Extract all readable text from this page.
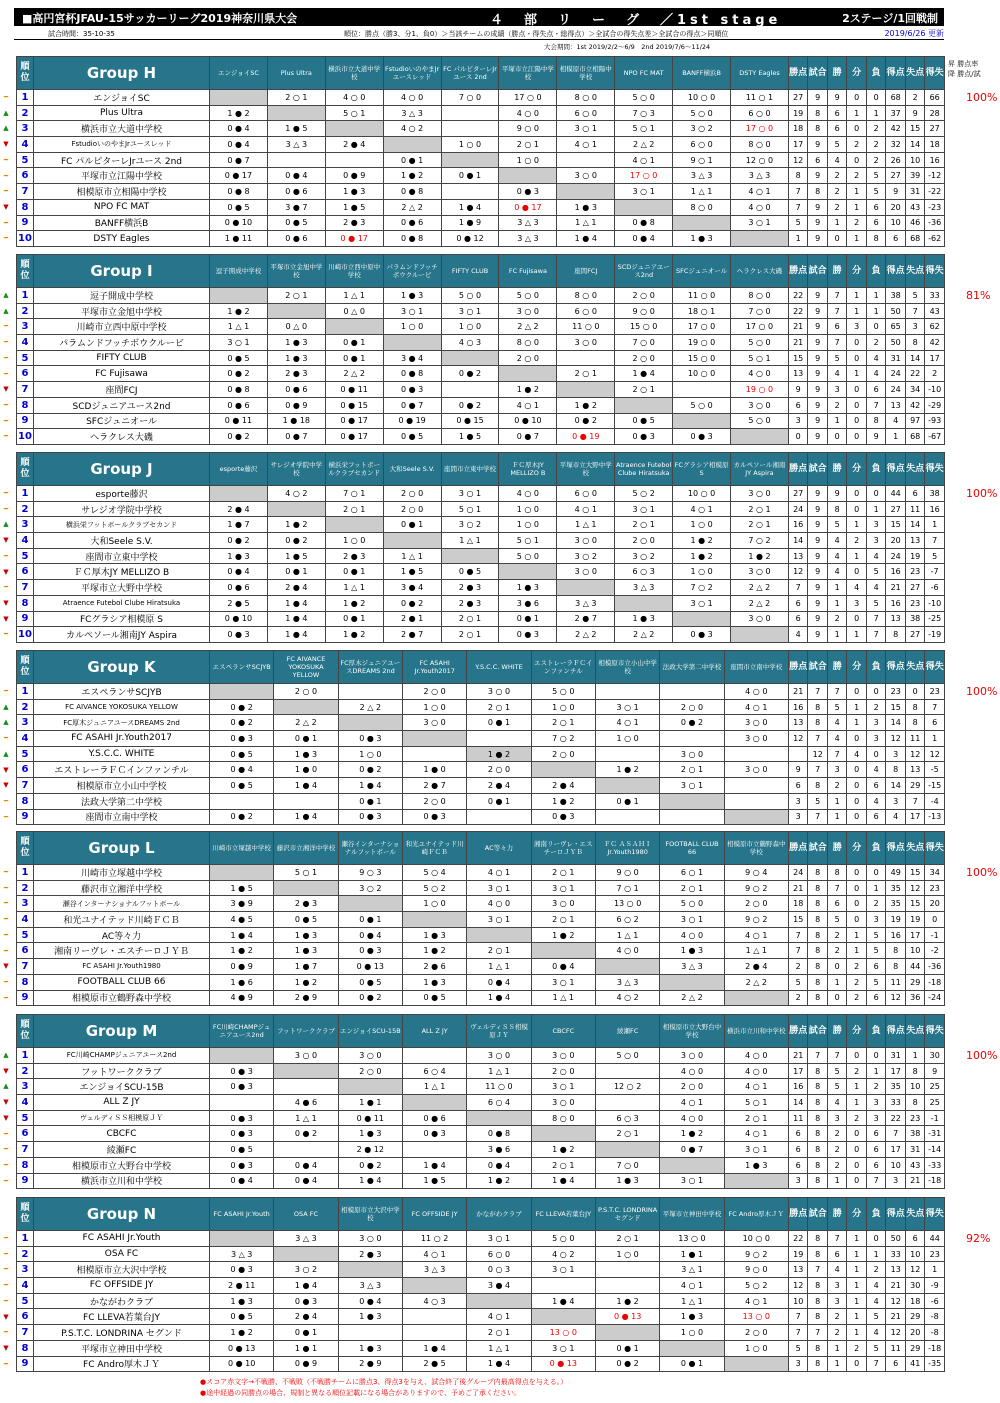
■高円宮杯JFAU-15サッカーリーグ2019神奈川県大会	４　部　リ　ー　グ　／1st stage	2ステージ/1回戦制
試合時間：35-10-35	順位：勝点（勝3、分1、負0）＞当該チームの成績（勝点・得失点・総得点）＞全試合の得失点差＞全試合の得点＞同順位	2019/6/26 更新
大会期間：1st 2019/2/2～6/9　2nd 2019/7/6～11/24
昇 勝点率
降 勝点/試
━
▲
▲
▼
━
━
━
▼
━
━
順位	Group H	エンジョイSC	Plus Ultra	横浜市立大道中学校	FstudioいのやまJrユースレッド	FC パルピターレJrユース 2nd	平塚市立江陽中学校	相模原市立相陽中学校	NPO FC MAT	BANFF横浜B	DSTY Eagles	勝点	試合	勝	分	負	得点	失点	得失
1	エンジョイSC		2 ○ 1	4 ○ 0	4 ○ 0	7 ○ 0	17 ○ 0	8 ○ 0	5 ○ 0	10 ○ 0	11 ○ 1	27	9	9	0	0	68	2	66
2	Plus Ultra	1 ● 2		5 ○ 1	3 △ 3		4 ○ 0	6 ○ 0	7 ○ 3	5 ○ 0	6 ○ 0	19	8	6	1	1	37	9	28
3	横浜市立大道中学校	0 ● 4	1 ● 5		4 ○ 2		9 ○ 0	3 ○ 1	5 ○ 1	3 ○ 2	17 ○ 0	18	8	6	0	2	42	15	27
4	FstudioいのやまJrユースレッド	0 ● 4	3 △ 3	2 ● 4		1 ○ 0	2 ○ 1	4 ○ 1	2 △ 2	6 ○ 0	8 ○ 0	17	9	5	2	2	32	14	18
5	FC パルピターレJrユース 2nd	0 ● 7			0 ● 1		1 ○ 0		4 ○ 1	9 ○ 1	12 ○ 0	12	6	4	0	2	26	10	16
6	平塚市立江陽中学校	0 ● 17	0 ● 4	0 ● 9	1 ● 2	0 ● 1		3 ○ 0	17 ○ 0	3 △ 3	3 △ 3	8	9	2	2	5	27	39	-12
7	相模原市立相陽中学校	0 ● 8	0 ● 6	1 ● 3	0 ● 8		0 ● 3		3 ○ 1	1 △ 1	4 ○ 1	7	8	2	1	5	9	31	-22
8	NPO FC MAT	0 ● 5	3 ● 7	1 ● 5	2 △ 2	1 ● 4	0 ● 17	1 ● 3		8 ○ 0	4 ○ 0	7	9	2	1	6	20	43	-23
9	BANFF横浜B	0 ● 10	0 ● 5	2 ● 3	0 ● 6	1 ● 9	3 △ 3	1 △ 1	0 ● 8		3 ○ 1	5	9	1	2	6	10	46	-36
10	DSTY Eagles	1 ● 11	0 ● 6	0 ● 17	0 ● 8	0 ● 12	3 △ 3	1 ● 4	0 ● 4	1 ● 3		1	9	0	1	8	6	68	-62
100%
▲
▲
━
━
━
━
▼
━
━
━
順位	Group I	逗子開成中学校	平塚市立金旭中学校	川崎市立西中原中学校	パラムンドフッチボウクルービ	FIFTY CLUB	FC Fujisawa	座間FCJ	SCDジュニアユース2nd	SFCジュニオール	ヘラクレス大磯	勝点	試合	勝	分	負	得点	失点	得失
1	逗子開成中学校		2 ○ 1	1 △ 1	1 ● 3	5 ○ 0	5 ○ 0	8 ○ 0	2 ○ 0	11 ○ 0	8 ○ 0	22	9	7	1	1	38	5	33
2	平塚市立金旭中学校	1 ● 2		0 △ 0	3 ○ 1	3 ○ 1	3 ○ 0	6 ○ 0	9 ○ 0	18 ○ 1	7 ○ 0	22	9	7	1	1	50	7	43
3	川崎市立西中原中学校	1 △ 1	0 △ 0		1 ○ 0	1 ○ 0	2 △ 2	11 ○ 0	15 ○ 0	17 ○ 0	17 ○ 0	21	9	6	3	0	65	3	62
4	パラムンドフッチボウクルービ	3 ○ 1	1 ● 3	0 ● 1		4 ○ 3	8 ○ 0	3 ○ 0	7 ○ 0	19 ○ 0	5 ○ 0	21	9	7	0	2	50	8	42
5	FIFTY CLUB	0 ● 5	1 ● 3	0 ● 1	3 ● 4		2 ○ 0		2 ○ 0	15 ○ 0	5 ○ 1	15	9	5	0	4	31	14	17
6	FC Fujisawa	0 ● 2	2 ● 3	2 △ 2	0 ● 8	0 ● 2		2 ○ 1	1 ● 4	10 ○ 0	4 ○ 0	13	9	4	1	4	24	22	2
7	座間FCJ	0 ● 8	0 ● 6	0 ● 11	0 ● 3		1 ● 2		2 ○ 1		19 ○ 0	9	9	3	0	6	24	34	-10
8	SCDジュニアユース2nd	0 ● 6	0 ● 9	0 ● 15	0 ● 7	0 ● 2	4 ○ 1	1 ● 2		5 ○ 0	3 ○ 0	6	9	2	0	7	13	42	-29
9	SFCジュニオール	0 ● 11	1 ● 18	0 ● 17	0 ● 19	0 ● 15	0 ● 10	0 ● 2	0 ● 5		5 ○ 0	3	9	1	0	8	4	97	-93
10	ヘラクレス大磯	0 ● 2	0 ● 7	0 ● 17	0 ● 5	1 ● 5	0 ● 7	0 ● 19	0 ● 3	0 ● 3		0	9	0	0	9	1	68	-67
81%
━
━
▲
▼
━
▼
━
▼
▼
━
順位	Group J	esporte藤沢	サレジオ学院中学校	横浜栄フットボールクラブセカンド	大和Seele S.V.	座間市立東中学校	ＦＣ厚木JY MELLIZO B	平塚市立大野中学校	Atraence Futebol Clube Hiratsuka	FCグラシア相模原 S	カルペソール湘南JY Aspira	勝点	試合	勝	分	負	得点	失点	得失
1	esporte藤沢		4 ○ 2	7 ○ 1	2 ○ 0	3 ○ 1	4 ○ 0	6 ○ 0	5 ○ 2	10 ○ 0	3 ○ 0	27	9	9	0	0	44	6	38
2	サレジオ学院中学校	2 ● 4		2 ○ 1	2 ○ 0	5 ○ 1	1 ○ 0	4 ○ 1	3 ○ 1	4 ○ 1	2 ○ 1	24	9	8	0	1	27	11	16
3	横浜栄フットボールクラブセカンド	1 ● 7	1 ● 2		0 ● 1	3 ○ 2	1 ○ 0	1 △ 1	2 ○ 1	1 ○ 0	2 ○ 1	16	9	5	1	3	15	14	1
4	大和Seele S.V.	0 ● 2	0 ● 2	1 ○ 0		1 △ 1	5 ○ 1	3 ○ 0	2 ○ 0	1 ● 2	7 ○ 2	14	9	4	2	3	20	13	7
5	座間市立東中学校	1 ● 3	1 ● 5	2 ● 3	1 △ 1		5 ○ 0	3 ○ 2	3 ○ 2	1 ● 2	1 ● 2	13	9	4	1	4	24	19	5
6	ＦＣ厚木JY MELLIZO B	0 ● 4	0 ● 1	0 ● 1	1 ● 5	0 ● 5		3 ○ 0	6 ○ 3	1 ○ 0	3 ○ 0	12	9	4	0	5	16	23	-7
7	平塚市立大野中学校	0 ● 6	2 ● 4	1 △ 1	3 ● 4	2 ● 3	1 ● 3		3 △ 3	7 ○ 2	2 △ 2	7	9	1	4	4	21	27	-6
8	Atraence Futebol Clube Hiratsuka	2 ● 5	1 ● 4	1 ● 2	0 ● 2	2 ● 3	3 ● 6	3 △ 3		3 ○ 1	2 △ 2	6	9	1	3	5	16	23	-10
9	FCグラシア相模原 S	0 ● 10	1 ● 4	0 ● 1	2 ● 1	2 ○ 1	0 ● 1	2 ● 7	1 ● 3		3 ○ 0	6	9	2	0	7	13	38	-25
10	カルペソール湘南JY Aspira	0 ● 3	1 ● 4	1 ● 2	2 ● 7	2 ○ 1	0 ● 3	2 △ 2	2 △ 2	0 ● 3		4	9	1	1	7	8	27	-19
100%
━
▲
▲
━
▲
▼
▼
━
━
順位	Group K	エスペランサSCJYB	FC AIVANCE YOKOSUKA YELLOW	FC厚木ジュニアユースDREAMS 2nd	FC ASAHI Jr.Youth2017	Y.S.C.C. WHITE	エストレーラＦＣインファンチル	相模原市立小山中学校	法政大学第二中学校	座間市立南中学校	勝点	試合	勝	分	負	得点	失点	得失	
1	エスペランサSCJYB		2 ○ 0		2 ○ 0	3 ○ 0	5 ○ 0			4 ○ 0	21	7	7	0	0	23	0	23	
2	FC AIVANCE YOKOSUKA YELLOW	0 ● 2		2 △ 2	1 ○ 0	2 ○ 1	1 ○ 0	3 ○ 1	2 ○ 0	4 ○ 1	16	8	5	1	2	15	8	7	
3	FC厚木ジュニアユースDREAMS 2nd	0 ● 2	2 △ 2		3 ○ 0	0 ● 1	2 ○ 1	4 ○ 1	0 ● 2	3 ○ 0	13	8	4	1	3	14	8	6	
4	FC ASAHI Jr.Youth2017	0 ● 3	0 ● 1	0 ● 3			7 ○ 2	1 ○ 0		3 ○ 0	12	7	4	0	3	12	11	1	
5	Y.S.C.C. WHITE	0 ● 5	1 ● 3	1 ○ 0		1 ● 2	2 ○ 0		3 ○ 0			12	7	4	0	3	12	12	
6	エストレーラＦＣインファンチル	0 ● 4	1 ● 0	0 ● 2	1 ● 0	2 ○ 0		1 ● 2	2 ○ 1	3 ○ 0	9	7	3	0	4	8	13	-5	
7	相模原市立小山中学校	0 ● 5	1 ● 4	1 ● 4	2 ● 7	2 ● 4	2 ● 4		3 ○ 1		6	8	2	0	6	14	29	-15	
8	法政大学第二中学校			0 ● 1	2 ○ 0	0 ● 1	1 ● 2	0 ● 1			3	5	1	0	4	3	7	-4	
9	座間市立南中学校	0 ● 2	1 ● 4	0 ● 3	0 ● 3		0 ● 3				3	7	1	0	6	4	17	-13	
100%
━
━
━
━
━
━
▼
━
━
順位	Group L	川崎市立塚越中学校	藤沢市立湘洋中学校	瀬谷インターナショナルフットボール	和光ユナイテッド川崎ＦＣＢ	AC等々力	湘南リーヴレ・エスチーロＪＹＢ	ＦＣ ＡＳＡＨＩ Jr.Youth1980	FOOTBALL CLUB 66	相模原市立鶴野森中学校	勝点	試合	勝	分	負	得点	失点	得失
1	川崎市立塚越中学校		5 ○ 1	9 ○ 3	5 ○ 4	4 ○ 1	2 ○ 1	9 ○ 0	6 ○ 1	9 ○ 4	24	8	8	0	0	49	15	34
2	藤沢市立湘洋中学校	1 ● 5		3 ○ 2	5 ○ 2	3 ○ 1	3 ○ 1	7 ○ 1	2 ○ 1	9 ○ 2	21	8	7	0	1	35	12	23
3	瀬谷インターナショナルフットボール	3 ● 9	2 ● 3		1 ○ 0	4 ○ 0	3 ○ 0	13 ○ 0	5 ○ 0	2 ○ 0	18	8	6	0	2	35	15	20
4	和光ユナイテッド川崎ＦＣＢ	4 ● 5	0 ● 5	0 ● 1		3 ○ 1	2 ○ 1	6 ○ 2	3 ○ 1	9 ○ 2	15	8	5	0	3	19	19	0
5	AC等々力	1 ● 4	1 ● 3	0 ● 4	1 ● 3		1 ● 2	1 △ 1	4 ○ 0	4 ○ 1	7	8	2	1	5	16	17	-1
6	湘南リーヴレ・エスチーロＪＹＢ	1 ● 2	1 ● 3	0 ● 3	1 ● 2	2 ○ 1		4 ○ 0	1 ● 3	1 △ 1	7	8	2	1	5	8	10	-2
7	FC ASAHI Jr.Youth1980	0 ● 9	1 ● 7	0 ● 13	2 ● 6	1 △ 1	0 ● 4		3 △ 3	2 ● 4	2	8	0	2	6	8	44	-36
8	FOOTBALL CLUB 66	1 ● 6	1 ● 2	0 ● 5	1 ● 3	0 ● 4	3 ○ 1	3 △ 3		2 △ 2	5	8	1	2	5	11	29	-18
9	相模原市立鶴野森中学校	4 ● 9	2 ● 9	0 ● 2	0 ● 5	1 ● 4	1 △ 1	4 ○ 2	2 △ 2		2	8	0	2	6	12	36	-24
100%
▲
▼
▲
▼
▼
━
━
━
━
順位	Group M	FC川崎CHAMPジュニアユース2nd	フットワーククラブ	エンジョイSCU-15B	ALL Z JY	ヴェルディＳＳ相模原ＪＹ	CBCFC	綾瀬FC	相模原市立大野台中学校	横浜市立川和中学校	勝点	試合	勝	分	負	得点	失点	得失
1	FC川崎CHAMPジュニアユース2nd		3 ○ 0	3 ○ 0		3 ○ 0	3 ○ 0	5 ○ 0	3 ○ 0	4 ○ 0	21	7	7	0	0	31	1	30
2	フットワーククラブ	0 ● 3		2 ○ 0	6 ○ 4	1 △ 1	2 ○ 0		4 ○ 0	4 ○ 0	17	8	5	2	1	17	8	9
3	エンジョイSCU-15B	0 ● 3			1 △ 1	11 ○ 0	3 ○ 1	12 ○ 2	2 ○ 0	4 ○ 1	16	8	5	1	2	35	10	25
4	ALL Z JY		4 ● 6	1 ● 1		6 ○ 4	3 ○ 0		4 ○ 1	5 ○ 1	14	8	4	1	3	33	8	25
5	ヴェルディＳＳ相模原ＪＹ	0 ● 3	1 △ 1	0 ● 11	0 ● 6		8 ○ 0	6 ○ 3	4 ○ 0	2 ○ 1	11	8	3	2	3	22	23	-1
6	CBCFC	0 ● 3	0 ● 2	1 ● 3	0 ● 3	0 ● 8		2 ○ 1	1 ● 2	4 ○ 1	6	8	2	0	6	7	38	-31
7	綾瀬FC	0 ● 5		2 ● 12		3 ● 6	1 ● 2		0 ● 7	3 ○ 1	6	8	2	0	6	17	31	-14
8	相模原市立大野台中学校	0 ● 3	0 ● 4	0 ● 2	1 ● 4	0 ● 4	2 ○ 1	7 ○ 0		1 ● 3	6	8	2	0	6	10	43	-33
9	横浜市立川和中学校	0 ● 4	0 ● 4	1 ● 4	1 ● 5	1 ● 2	1 ● 4	1 ● 3	3 ○ 1		3	8	1	0	7	3	21	-18
100%
━
━
━
━
━
▼
━
▼
━
順位	Group N	FC ASAHI Jr.Youth	OSA FC	相模原市立大沢中学校	FC OFFSIDE JY	かながわクラブ	FC LLEVA若葉台JY	P.S.T.C. LONDRINA セグンド	平塚市立神田中学校	FC Andro厚木ＪＹ	勝点	試合	勝	分	負	得点	失点	得失
1	FC ASAHI Jr.Youth		3 △ 3	3 ○ 0	11 ○ 2	3 ○ 1	5 ○ 0	2 ○ 1	13 ○ 0	10 ○ 0	22	8	7	1	0	50	6	44
2	OSA FC	3 △ 3		2 ● 3	4 ○ 1	6 ○ 0	4 ○ 2	1 ○ 0	1 ● 1	9 ○ 2	19	8	6	1	1	33	10	23
3	相模原市立大沢中学校	0 ● 3	3 ○ 2		3 △ 3	0 ○ 3	3 ○ 1		3 △ 1	9 ○ 0	13	7	4	1	2	13	12	1
4	FC OFFSIDE JY	2 ● 11	1 ● 4	3 △ 3		3 ● 4			4 ○ 1	5 ○ 2	12	8	3	1	4	21	30	-9
5	かながわクラブ	1 ● 3	0 ● 3	0 ● 4	4 ○ 3		1 ● 4	1 ● 2	1 △ 1	4 ○ 1	10	8	3	1	4	12	18	-6
6	FC LLEVA若葉台JY	0 ● 5	2 ● 4	1 ● 3		4 ○ 1		0 ● 13	1 ● 3	13 ○ 0	7	8	2	1	5	21	29	-8
7	P.S.T.C. LONDRINA セグンド	1 ● 2	0 ● 1			2 ○ 1	13 ○ 0		1 ○ 0	2 ○ 0	7	7	2	1	4	12	20	-8
8	平塚市立神田中学校	0 ● 13	1 ● 1	1 ● 3	1 ● 4	1 △ 1	3 ○ 1	0 ● 1		1 ○ 0	5	8	1	2	5	11	29	-18
9	FC Andro厚木ＪＹ	0 ● 10	0 ● 9	2 ● 9	2 ● 5	1 ● 4	0 ● 13	0 ● 2	0 ● 1		3	8	1	0	7	6	41	-35
92%
●スコア赤文字→不戦勝、不戦敗（不戦勝チームに勝点3、得点3を与え、試合終了後グループ内最高得点を与える。）
●途中経過の同勝点の場合、規制と異なる順位記載になる場合がありますので、予めご了承ください。
